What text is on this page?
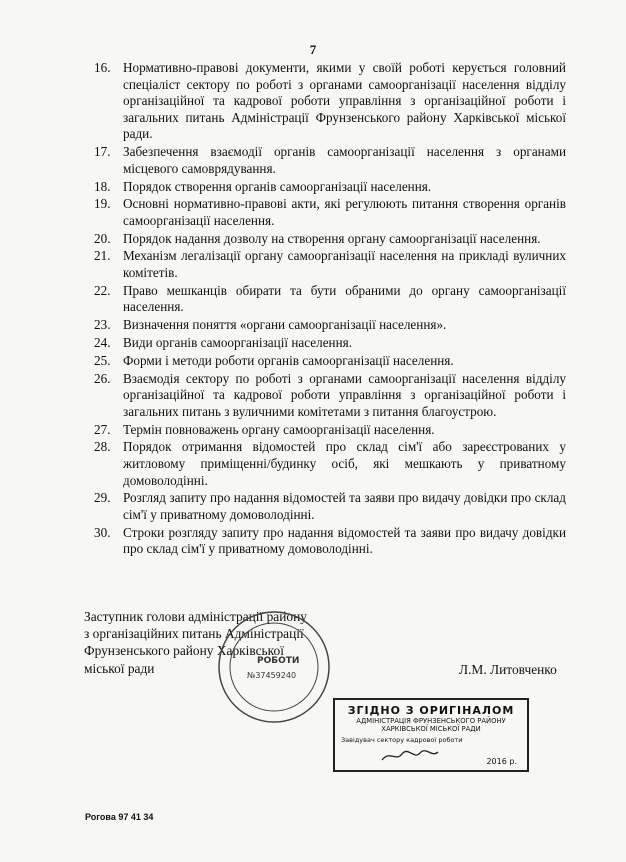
7
16. Нормативно-правові документи, якими у своїй роботі керується головний спеціаліст сектору по роботі з органами самоорганізації населення відділу організаційної та кадрової роботи управління з організаційної роботи і загальних питань Адміністрації Фрунзенського району Харківської міської ради.
17. Забезпечення взаємодії органів самоорганізації населення з органами місцевого самоврядування.
18. Порядок створення органів самоорганізації населення.
19. Основні нормативно-правові акти, які регулюють питання створення органів самоорганізації населення.
20. Порядок надання дозволу на створення органу самоорганізації населення.
21. Механізм легалізації органу самоорганізації населення на прикладі вуличних комітетів.
22. Право мешканців обирати та бути обраними до органу самоорганізації населення.
23. Визначення поняття «органи самоорганізації населення».
24. Види органів самоорганізації населення.
25. Форми і методи роботи органів самоорганізації населення.
26. Взаємодія сектору по роботі з органами самоорганізації населення відділу організаційної та кадрової роботи управління з організаційної роботи і загальних питань з вуличними комітетами з питання благоустрою.
27. Термін повноважень органу самоорганізації населення.
28. Порядок отримання відомостей про склад сім'ї або зареєстрованих у житловому приміщенні/будинку осіб, які мешкають у приватному домоволодінні.
29. Розгляд запиту про надання відомостей та заяви про видачу довідки про склад сім'ї у приватному домоволодінні.
30. Строки розгляду запиту про надання відомостей та заяви про видачу довідки про склад сім'ї у приватному домоволодінні.
Заступник голови адміністрації району
з організаційних питань Адміністрації
Фрунзенського району Харківської
міської ради	РОБОТИ
№37459240	Л.М. Литовченко
ЗГІДНО З ОРИГІНАЛОМ
АДМІНІСТРАЦІЯ ФРУНЗЕНСЬКОГО РАЙОНУ
ХАРКІВСЬКОЇ МІСЬКОЇ РАДИ
Завідувач сектору кадрової роботи
2016 р.
Рогова 97 41 34
